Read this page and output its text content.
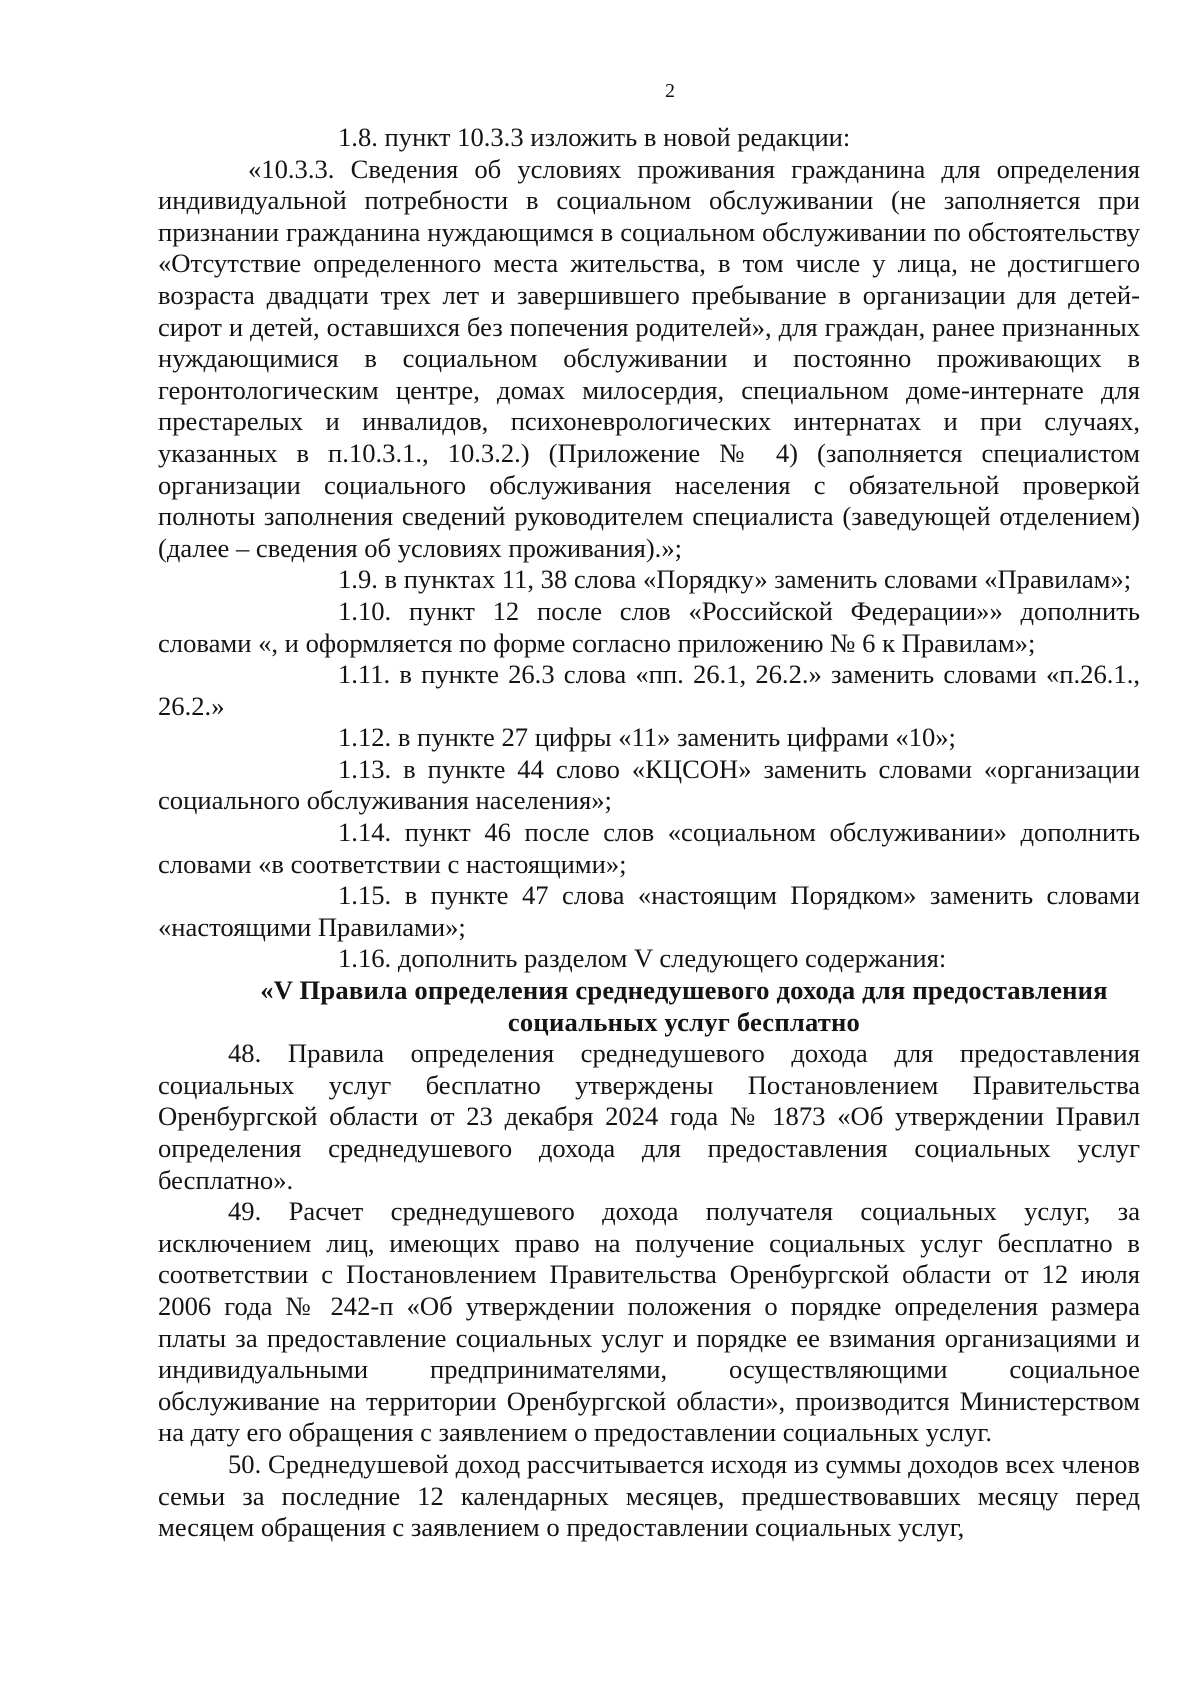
2

1.8. пункт 10.3.3 изложить в новой редакции:

«10.3.3. Сведения об условиях проживания гражданина для определения индивидуальной потребности в социальном обслуживании (не заполняется при признании гражданина нуждающимся в социальном обслуживании по обстоятельству «Отсутствие определенного места жительства, в том числе у лица, не достигшего возраста двадцати трех лет и завершившего пребывание в организации для детей-сирот и детей, оставшихся без попечения родителей», для граждан, ранее признанных нуждающимися в социальном обслуживании и постоянно проживающих в геронтологическим центре, домах милосердия, специальном доме-интернате для престарелых и инвалидов, психоневрологических интернатах и при случаях, указанных в п.10.3.1., 10.3.2.) (Приложение № 4) (заполняется специалистом организации социального обслуживания населения с обязательной проверкой полноты заполнения сведений руководителем специалиста (заведующей отделением) (далее – сведения об условиях проживания).»;

1.9. в пунктах 11, 38 слова «Порядку» заменить словами «Правилам»;

1.10. пункт 12 после слов «Российской Федерации»» дополнить словами «, и оформляется по форме согласно приложению № 6 к Правилам»;

1.11. в пункте 26.3 слова «пп. 26.1, 26.2.» заменить словами «п.26.1., 26.2.»

1.12. в пункте 27 цифры «11» заменить цифрами «10»;

1.13. в пункте 44 слово «КЦСОН» заменить словами «организации социального обслуживания населения»;

1.14. пункт 46 после слов «социальном обслуживании» дополнить словами «в соответствии с настоящими»;

1.15. в пункте 47 слова «настоящим Порядком» заменить словами «настоящими Правилами»;

1.16. дополнить разделом V следующего содержания:

«V Правила определения среднедушевого дохода для предоставления социальных услуг бесплатно

48. Правила определения среднедушевого дохода для предоставления социальных услуг бесплатно утверждены Постановлением Правительства Оренбургской области от 23 декабря 2024 года № 1873 «Об утверждении Правил определения среднедушевого дохода для предоставления социальных услуг бесплатно».

49. Расчет среднедушевого дохода получателя социальных услуг, за исключением лиц, имеющих право на получение социальных услуг бесплатно в соответствии с Постановлением Правительства Оренбургской области от 12 июля 2006 года № 242-п «Об утверждении положения о порядке определения размера платы за предоставление социальных услуг и порядке ее взимания организациями и индивидуальными предпринимателями, осуществляющими социальное обслуживание на территории Оренбургской области», производится Министерством на дату его обращения с заявлением о предоставлении социальных услуг.

50. Среднедушевой доход рассчитывается исходя из суммы доходов всех членов семьи за последние 12 календарных месяцев, предшествовавших месяцу перед месяцем обращения с заявлением о предоставлении социальных услуг,
